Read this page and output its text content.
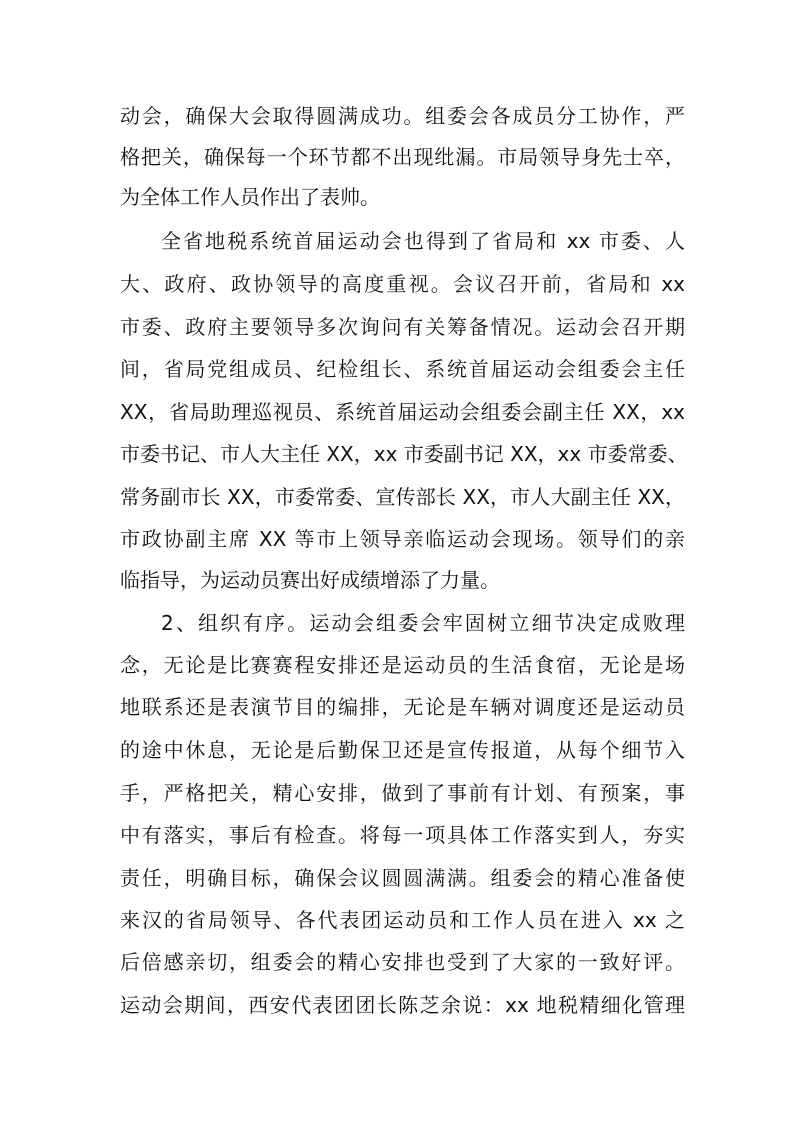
动会，确保大会取得圆满成功。组委会各成员分工协作，严
格把关，确保每一个环节都不出现纰漏。市局领导身先士卒，
为全体工作人员作出了表帅。
全省地税系统首届运动会也得到了省局和 xx 市委、人
大、政府、政协领导的高度重视。会议召开前，省局和 xx
市委、政府主要领导多次询问有关筹备情况。运动会召开期
间，省局党组成员、纪检组长、系统首届运动会组委会主任
XX，省局助理巡视员、系统首届运动会组委会副主任 XX，xx
市委书记、市人大主任 XX，xx 市委副书记 XX，xx 市委常委、
常务副市长 XX，市委常委、宣传部长 XX，市人大副主任 XX，
市政协副主席 XX 等市上领导亲临运动会现场。领导们的亲
临指导，为运动员赛出好成绩增添了力量。
2、组织有序。运动会组委会牢固树立细节决定成败理
念，无论是比赛赛程安排还是运动员的生活食宿，无论是场
地联系还是表演节目的编排，无论是车辆对调度还是运动员
的途中休息，无论是后勤保卫还是宣传报道，从每个细节入
手，严格把关，精心安排，做到了事前有计划、有预案，事
中有落实，事后有检查。将每一项具体工作落实到人，夯实
责任，明确目标，确保会议圆圆满满。组委会的精心准备使
来汉的省局领导、各代表团运动员和工作人员在进入 xx 之
后倍感亲切，组委会的精心安排也受到了大家的一致好评。
运动会期间，西安代表团团长陈芝余说：xx 地税精细化管理
